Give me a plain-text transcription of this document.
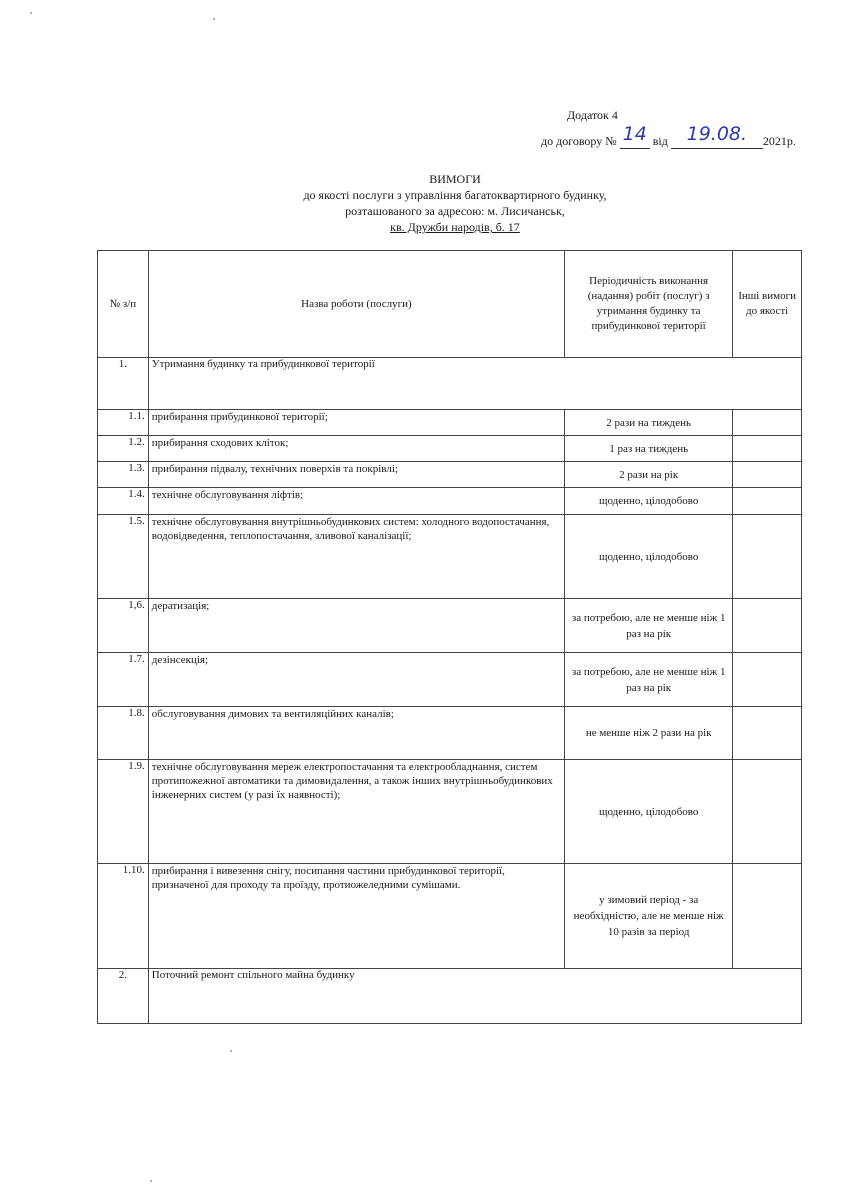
Додаток 4
до договору № 14 від 19.08.	2021р.
ВИМОГИ
до якості послуги з управління багатоквартирного будинку,
розташованого за адресою: м. Лисичанськ,
кв. Дружби народів, б. 17
№ з/п	Назва роботи (послуги)	Періодичність виконання (надання) робіт (послуг) з утримання будинку та прибудинкової території	Інші вимоги до якості
1.	Утримання будинку та прибудинкової території		
1.1.	прибирання прибудинкової території;	2 рази на тиждень	
1.2.	прибирання сходових кліток;	1 раз на тиждень	
1.3.	прибирання підвалу, технічних поверхів та покрівлі;	2 рази на рік	
1.4.	технічне обслуговування ліфтів;	щоденно, цілодобово	
1.5.	технічне обслуговування внутрішньобудинкових систем: холодного водопостачання, водовідведення, теплопостачання, зливової каналізації;	щоденно, цілодобово	
1,6.	дератизація;	за потребою, але не менше ніж 1 раз на рік	
1.7.	дезінсекція;	за потребою, але не менше ніж 1 раз на рік	
1.8.	обслуговування димових та вентиляційних каналів;	не менше ніж 2 рази на рік	
1.9.	технічне обслуговування мереж електропостачання та електрообладнання, систем протипожежної автоматики та димовидалення, а також інших внутрішньобудинкових інженерних систем (у разі їх наявності);	щоденно, цілодобово	
1.10.	прибирання і вивезення снігу, посипання частини прибудинкової території, призначеної для проходу та проїзду, протиожеледними сумішами.	у зимовий період - за необхідністю, але не менше ніж 10 разів за період	
2.	Поточний ремонт спільного майна будинку		
